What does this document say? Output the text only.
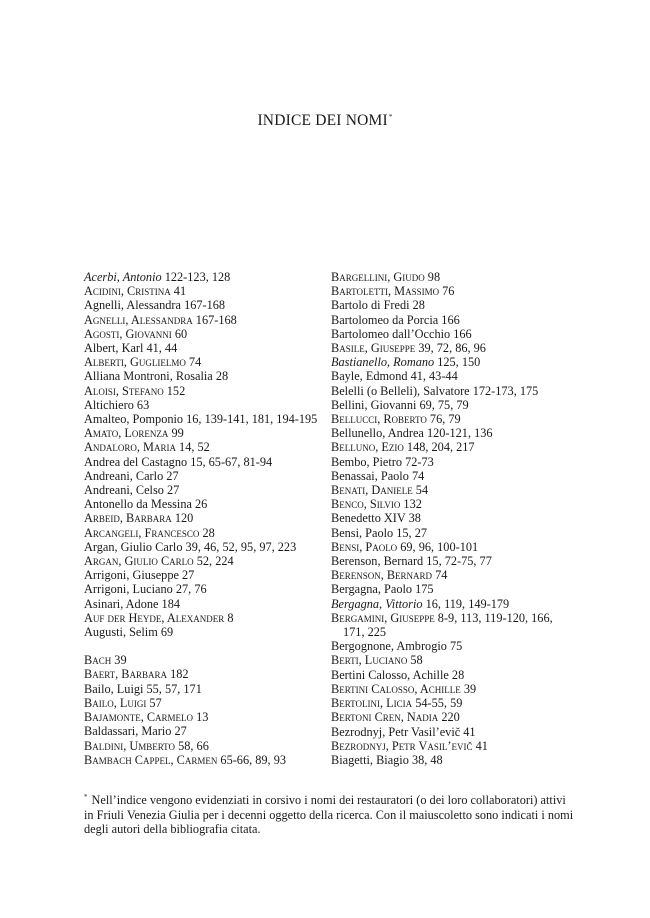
INDICE DEI NOMI*
Acerbi, Antonio 122-123, 128
Acidini, Cristina 41
Agnelli, Alessandra 167-168
Agnelli, Alessandra 167-168
Agosti, Giovanni 60
Albert, Karl 41, 44
Alberti, Guglielmo 74
Alliana Montroni, Rosalia 28
Aloisi, Stefano 152
Altichiero 63
Amalteo, Pomponio 16, 139-141, 181, 194-195
Amato, Lorenza 99
Andaloro, Maria 14, 52
Andrea del Castagno 15, 65-67, 81-94
Andreani, Carlo 27
Andreani, Celso 27
Antonello da Messina 26
Arbeid, Barbara 120
Arcangeli, Francesco 28
Argan, Giulio Carlo 39, 46, 52, 95, 97, 223
Argan, Giulio Carlo 52, 224
Arrigoni, Giuseppe 27
Arrigoni, Luciano 27, 76
Asinari, Adone 184
Auf der Heyde, Alexander 8
Augusti, Selim 69
Bach 39
Baert, Barbara 182
Bailo, Luigi 55, 57, 171
Bailo, Luigi 57
Bajamonte, Carmelo 13
Baldassari, Mario 27
Baldini, Umberto 58, 66
Bambach Cappel, Carmen 65-66, 89, 93
Bargellini, Giudo 98
Bartoletti, Massimo 76
Bartolo di Fredi 28
Bartolomeo da Porcia 166
Bartolomeo dall’Occhio 166
Basile, Giuseppe 39, 72, 86, 96
Bastianello, Romano 125, 150
Bayle, Edmond 41, 43-44
Belelli (o Belleli), Salvatore 172-173, 175
Bellini, Giovanni 69, 75, 79
Bellucci, Roberto 76, 79
Bellunello, Andrea 120-121, 136
Belluno, Ezio 148, 204, 217
Bembo, Pietro 72-73
Benassai, Paolo 74
Benati, Daniele 54
Benco, Silvio 132
Benedetto XIV 38
Bensi, Paolo 15, 27
Bensi, Paolo 69, 96, 100-101
Berenson, Bernard 15, 72-75, 77
Berenson, Bernard 74
Bergagna, Paolo 175
Bergagna, Vittorio 16, 119, 149-179
Bergamini, Giuseppe 8-9, 113, 119-120, 166,
171, 225
Bergognone, Ambrogio 75
Berti, Luciano 58
Bertini Calosso, Achille 28
Bertini Calosso, Achille 39
Bertolini, Licia 54-55, 59
Bertoni Cren, Nadia 220
Bezrodnyj, Petr Vasil’evič 41
Bezrodnyj, Petr Vasil’evič 41
Biagetti, Biagio 38, 48
* Nell’indice vengono evidenziati in corsivo i nomi dei restauratori (o dei loro collaboratori) attivi in Friuli Venezia Giulia per i decenni oggetto della ricerca. Con il maiuscoletto sono indicati i nomi degli autori della bibliografia citata.
